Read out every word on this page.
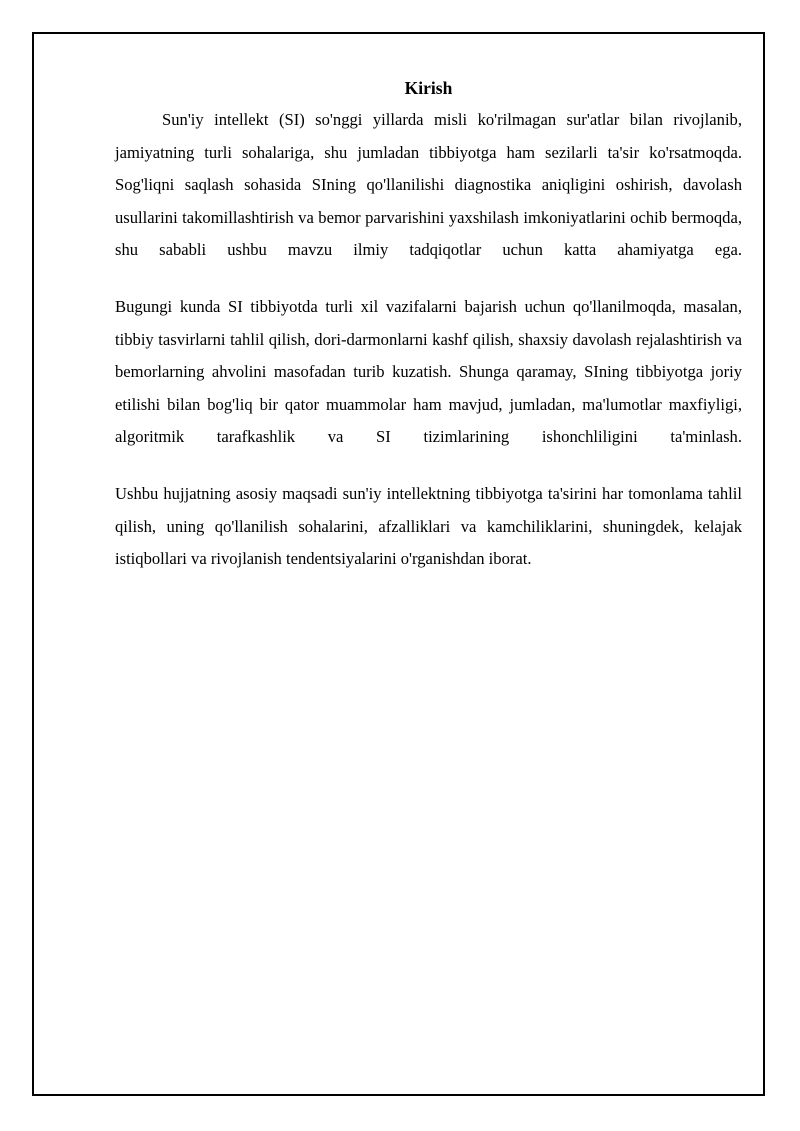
Kirish

Sun'iy intellekt (SI) so'nggi yillarda misli ko'rilmagan sur'atlar bilan rivojlanib, jamiyatning turli sohalariga, shu jumladan tibbiyotga ham sezilarli ta'sir ko'rsatmoqda. Sog'liqni saqlash sohasida SIning qo'llanilishi diagnostika aniqligini oshirish, davolash usullarini takomillashtirish va bemor parvarishini yaxshilash imkoniyatlarini ochib bermoqda, shu sababli ushbu mavzu ilmiy tadqiqotlar uchun katta ahamiyatga ega.

Bugungi kunda SI tibbiyotda turli xil vazifalarni bajarish uchun qo'llanilmoqda, masalan, tibbiy tasvirlarni tahlil qilish, dori-darmonlarni kashf qilish, shaxsiy davolash rejalashtirish va bemorlarning ahvolini masofadan turib kuzatish. Shunga qaramay, SIning tibbiyotga joriy etilishi bilan bog'liq bir qator muammolar ham mavjud, jumladan, ma'lumotlar maxfiyligi, algoritmik tarafkashlik va SI tizimlarining ishonchliligini ta'minlash.

Ushbu hujjatning asosiy maqsadi sun'iy intellektning tibbiyotga ta'sirini har tomonlama tahlil qilish, uning qo'llanilish sohalarini, afzalliklari va kamchiliklarini, shuningdek, kelajak istiqbollari va rivojlanish tendentsiyalarini o'rganishdan iborat.
